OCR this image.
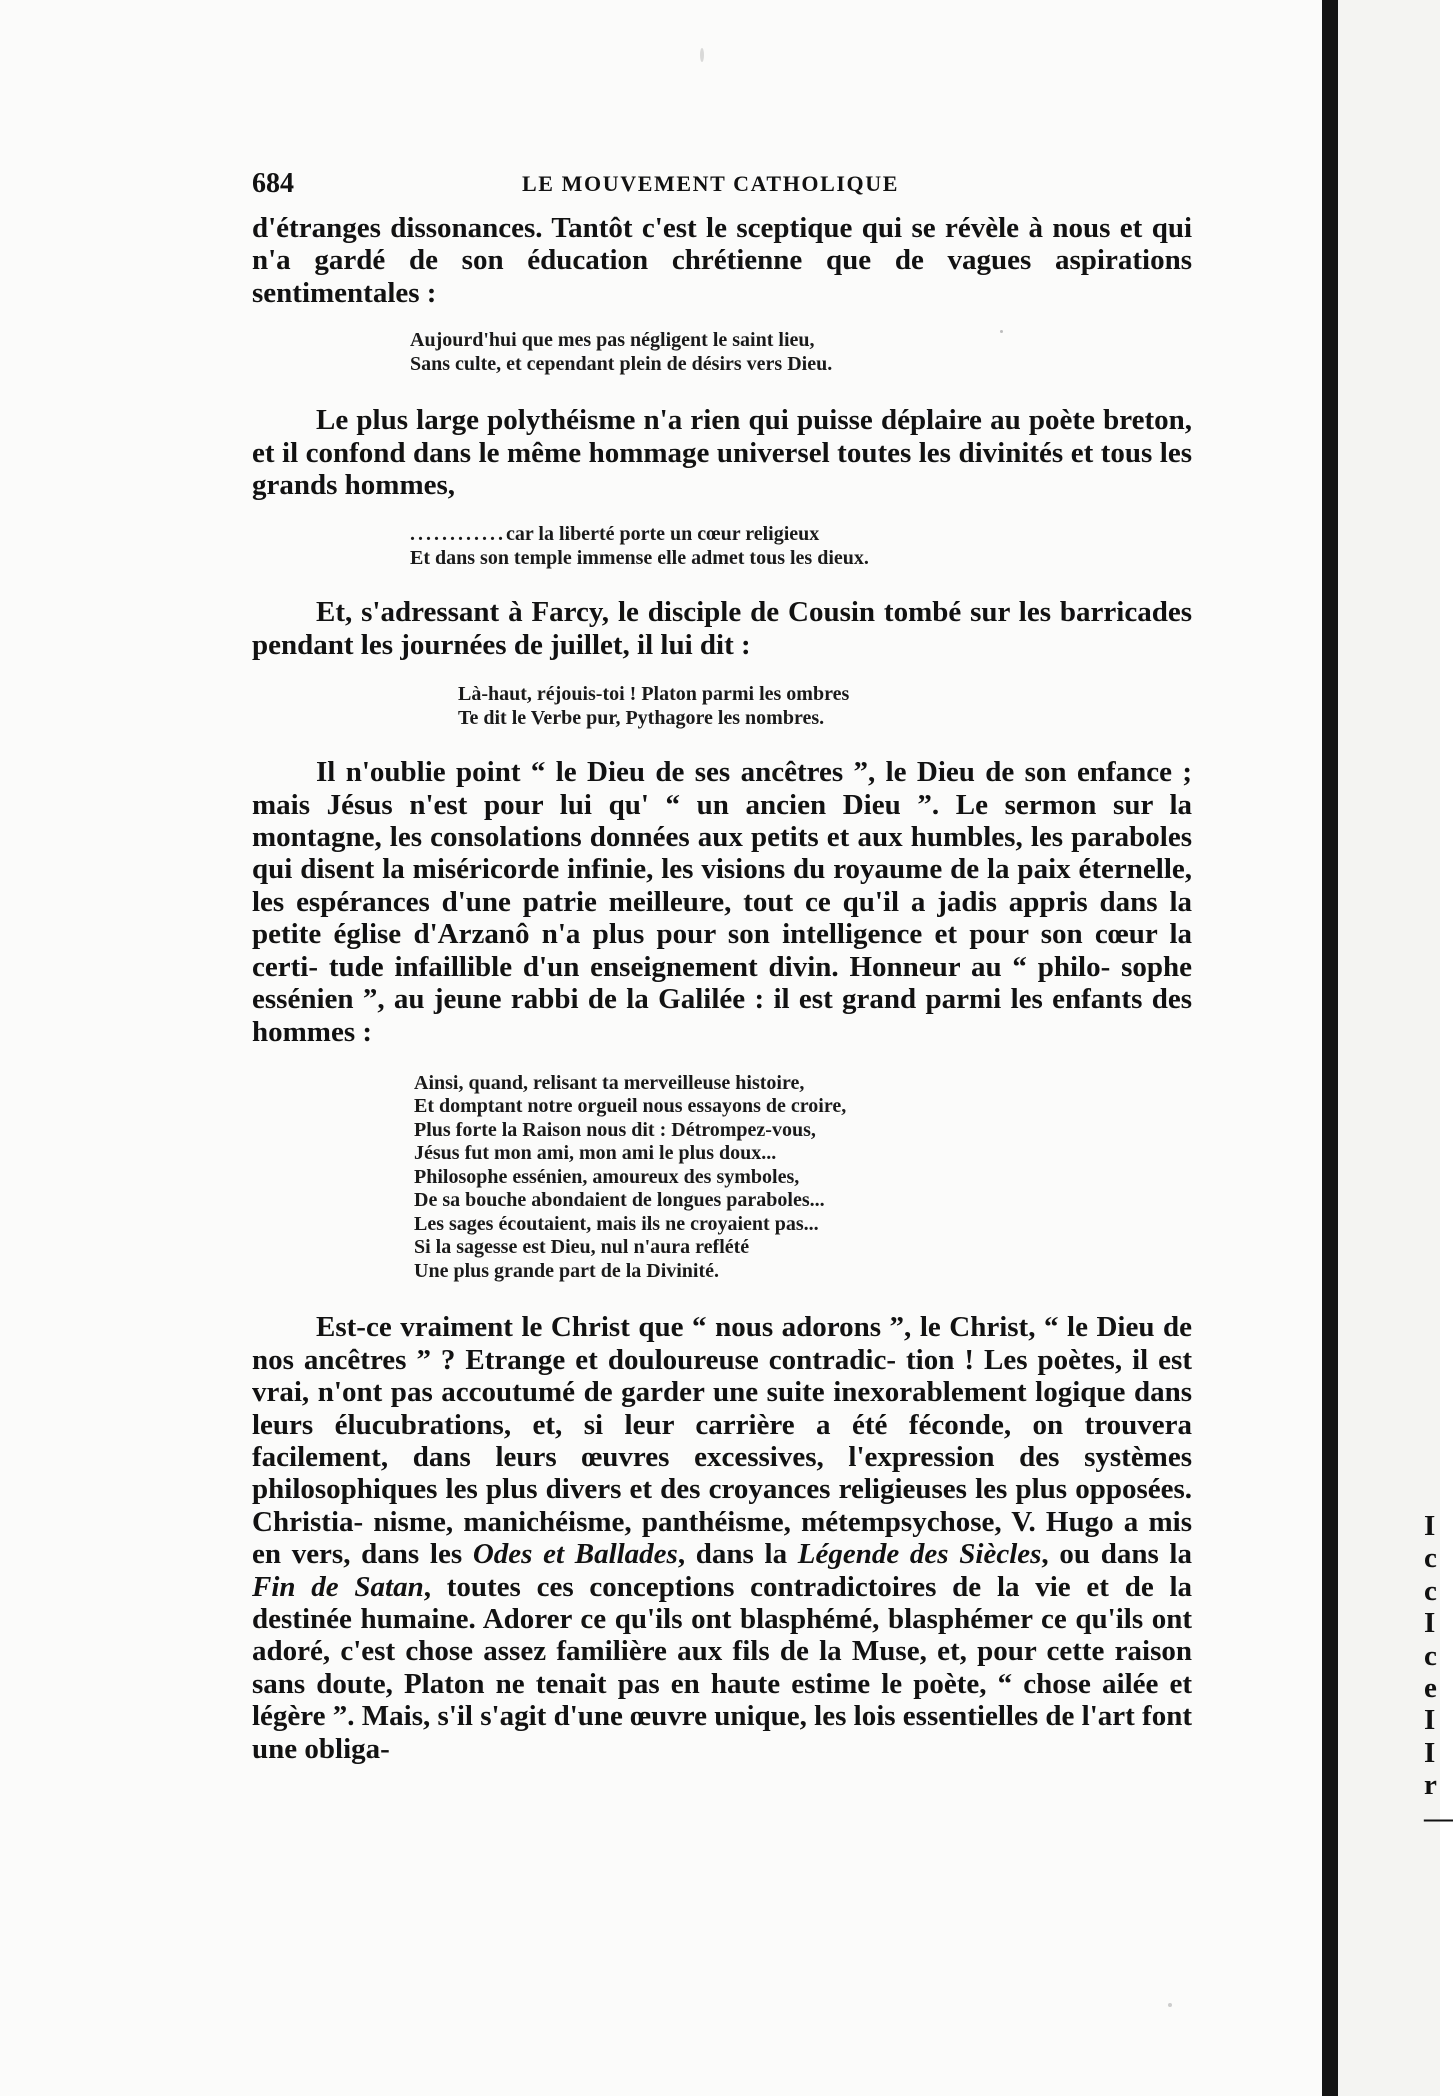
I
c
c
I
c
e
I
I
r
—
684	LE MOUVEMENT CATHOLIQUE

d'étranges dissonances. Tantôt c'est le sceptique qui se révèle à nous et qui n'a gardé de son éducation chrétienne que de vagues aspirations sentimentales :

Aujourd'hui que mes pas négligent le saint lieu,
Sans culte, et cependant plein de désirs vers Dieu.

Le plus large polythéisme n'a rien qui puisse déplaire au poète breton, et il confond dans le même hommage universel toutes les divinités et tous les grands hommes,

............car la liberté porte un cœur religieux
Et dans son temple immense elle admet tous les dieux.

Et, s'adressant à Farcy, le disciple de Cousin tombé sur les barricades pendant les journées de juillet, il lui dit :

Là-haut, réjouis-toi ! Platon parmi les ombres
Te dit le Verbe pur, Pythagore les nombres.

Il n'oublie point “ le Dieu de ses ancêtres ”, le Dieu de son enfance ; mais Jésus n'est pour lui qu' “ un ancien Dieu ”. Le sermon sur la montagne, les consolations données aux petits et aux humbles, les paraboles qui disent la miséricorde infinie, les visions du royaume de la paix éternelle, les espérances d'une patrie meilleure, tout ce qu'il a jadis appris dans la petite église d'Arzanô n'a plus pour son intelligence et pour son cœur la certi- tude infaillible d'un enseignement divin. Honneur au “ philo- sophe essénien ”, au jeune rabbi de la Galilée : il est grand parmi les enfants des hommes :

Ainsi, quand, relisant ta merveilleuse histoire,
Et domptant notre orgueil nous essayons de croire,
Plus forte la Raison nous dit : Détrompez-vous,
Jésus fut mon ami, mon ami le plus doux...
Philosophe essénien, amoureux des symboles,
De sa bouche abondaient de longues paraboles...
Les sages écoutaient, mais ils ne croyaient pas...
Si la sagesse est Dieu, nul n'aura reflété
Une plus grande part de la Divinité.

Est-ce vraiment le Christ que “ nous adorons ”, le Christ, “ le Dieu de nos ancêtres ” ? Etrange et douloureuse contradic- tion ! Les poètes, il est vrai, n'ont pas accoutumé de garder une suite inexorablement logique dans leurs élucubrations, et, si leur carrière a été féconde, on trouvera facilement, dans leurs œuvres excessives, l'expression des systèmes philosophiques les plus divers et des croyances religieuses les plus opposées. Christia- nisme, manichéisme, panthéisme, métempsychose, V. Hugo a mis en vers, dans les Odes et Ballades, dans la Légende des Siècles, ou dans la Fin de Satan, toutes ces conceptions contradictoires de la vie et de la destinée humaine. Adorer ce qu'ils ont blasphémé, blasphémer ce qu'ils ont adoré, c'est chose assez familière aux fils de la Muse, et, pour cette raison sans doute, Platon ne tenait pas en haute estime le poète, “ chose ailée et légère ”. Mais, s'il s'agit d'une œuvre unique, les lois essentielles de l'art font une obliga-
